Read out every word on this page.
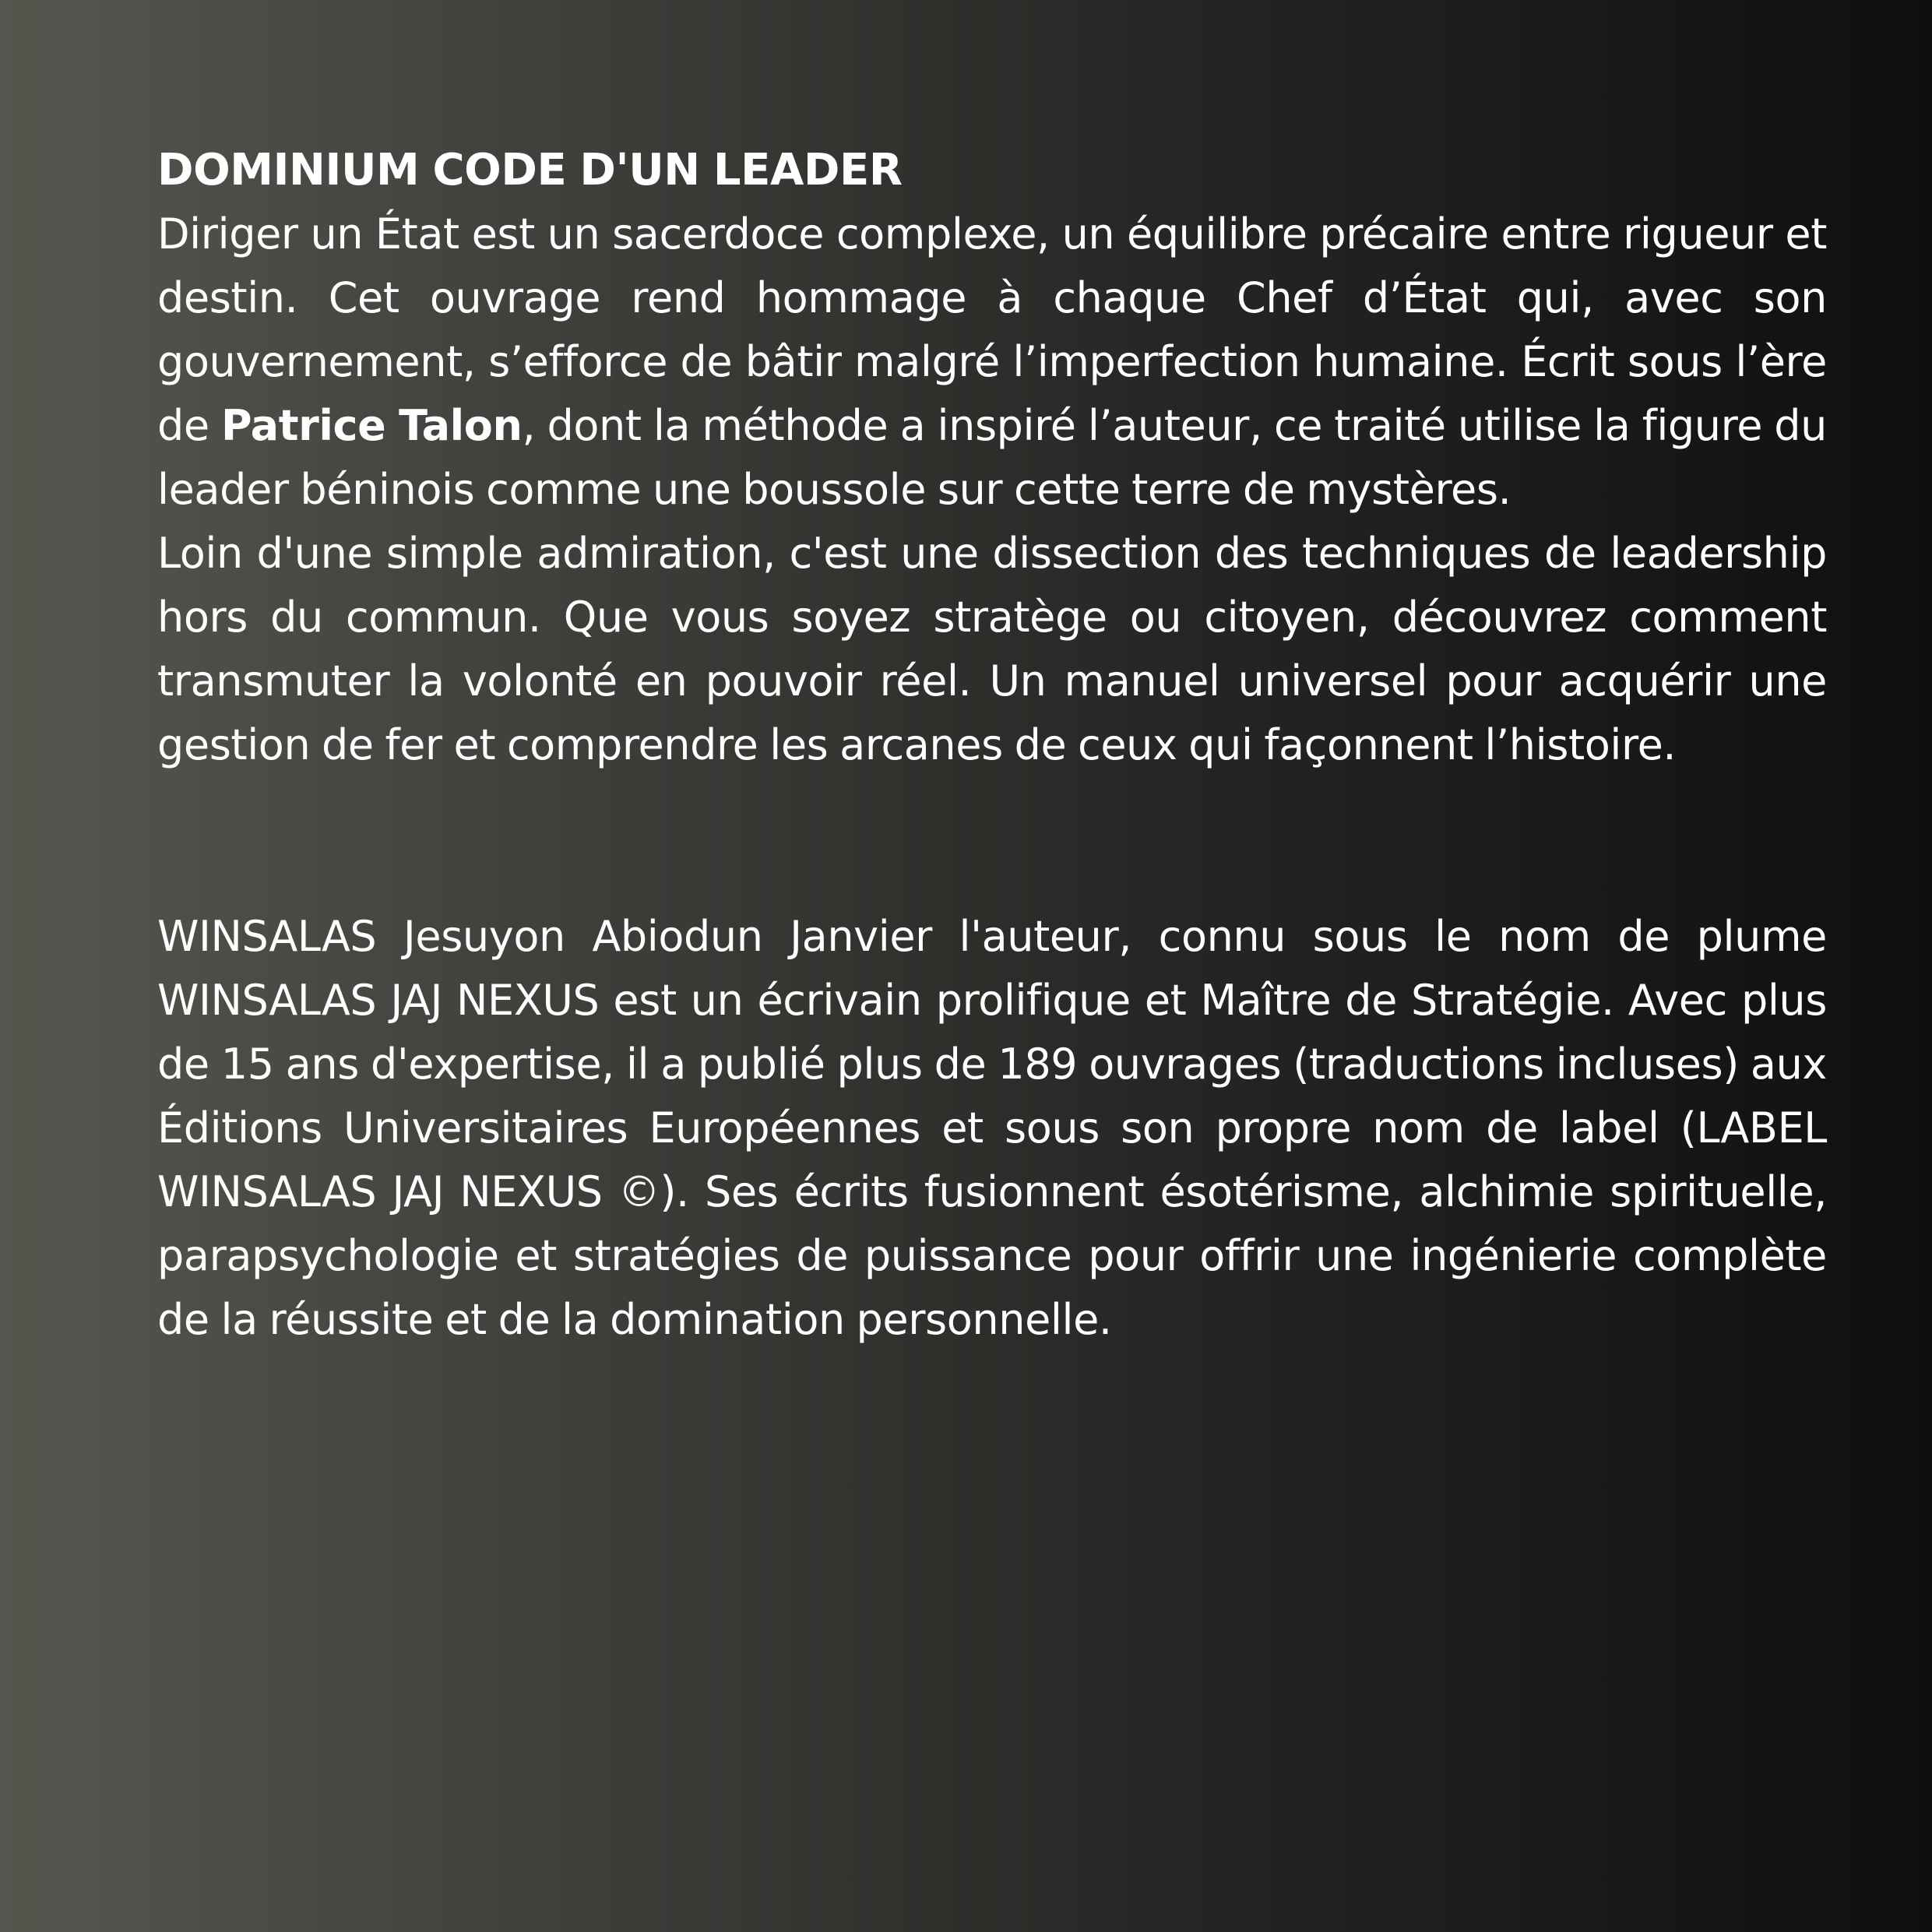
DOMINIUM CODE D'UN LEADER

Diriger un État est un sacerdoce complexe, un équilibre précaire entre rigueur et destin. Cet ouvrage rend hommage à chaque Chef d’État qui, avec son gouvernement, s’efforce de bâtir malgré l’imperfection humaine. Écrit sous l’ère de Patrice Talon, dont la méthode a inspiré l’auteur, ce traité utilise la figure du leader béninois comme une boussole sur cette terre de mystères.

Loin d'une simple admiration, c'est une dissection des techniques de leadership hors du commun. Que vous soyez stratège ou citoyen, découvrez comment transmuter la volonté en pouvoir réel. Un manuel universel pour acquérir une gestion de fer et comprendre les arcanes de ceux qui façonnent l’histoire.

WINSALAS Jesuyon Abiodun Janvier l'auteur, connu sous le nom de plume WINSALAS JAJ NEXUS est un écrivain prolifique et Maître de Stratégie. Avec plus de 15 ans d'expertise, il a publié plus de 189 ouvrages (traductions incluses) aux Éditions Universitaires Européennes et sous son propre nom de label (LABEL WINSALAS JAJ NEXUS ©). Ses écrits fusionnent ésotérisme, alchimie spirituelle, parapsychologie et stratégies de puissance pour offrir une ingénierie complète de la réussite et de la domination personnelle.
